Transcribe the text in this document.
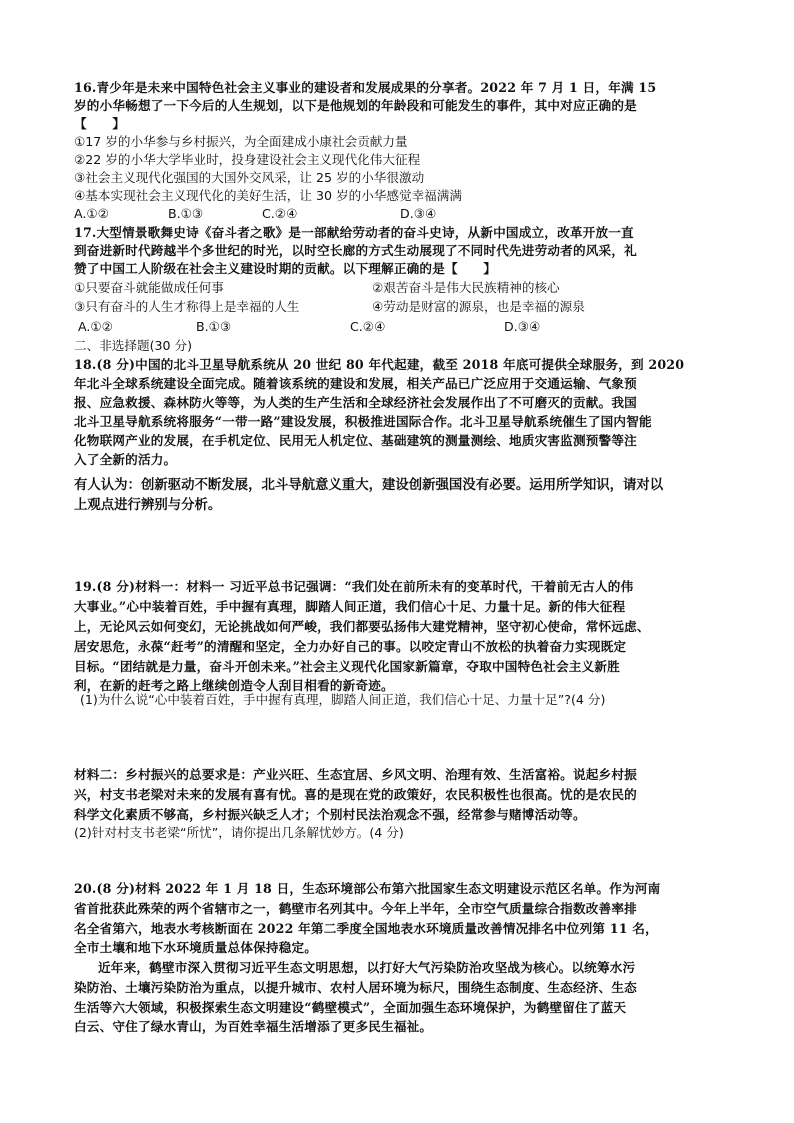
16.青少年是未来中国特色社会主义事业的建设者和发展成果的分享者。2022 年 7 月 1 日，年满 15
岁的小华畅想了一下今后的人生规划，以下是他规划的年龄段和可能发生的事件，其中对应正确的是
【　　】
①17 岁的小华参与乡村振兴，为全面建成小康社会贡献力量
②22 岁的小华大学毕业时，投身建设社会主义现代化伟大征程
③社会主义现代化强国的大国外交风采，让 25 岁的小华很激动
④基本实现社会主义现代化的美好生活，让 30 岁的小华感觉幸福满满
A.①②	B.①③	C.②④	D.③④
17.大型情景歌舞史诗《奋斗者之歌》是一部献给劳动者的奋斗史诗，从新中国成立，改革开放一直
到奋进新时代跨越半个多世纪的时光，以时空长廊的方式生动展现了不同时代先进劳动者的风采，礼
赞了中国工人阶级在社会主义建设时期的贡献。以下理解正确的是【　　】
①只要奋斗就能做成任何事	②艰苦奋斗是伟大民族精神的核心
③只有奋斗的人生才称得上是幸福的人生	④劳动是财富的源泉，也是幸福的源泉
A.①②	B.①③	C.②④	D.③④
二、非选择题(30 分)
18.(8 分)中国的北斗卫星导航系统从 20 世纪 80 年代起建，截至 2018 年底可提供全球服务，到 2020
年北斗全球系统建设全面完成。随着该系统的建设和发展，相关产品已广泛应用于交通运输、气象预
报、应急救援、森林防火等等，为人类的生产生活和全球经济社会发展作出了不可磨灭的贡献。我国
北斗卫星导航系统将服务“一带一路”建设发展，积极推进国际合作。北斗卫星导航系统催生了国内智能
化物联网产业的发展，在手机定位、民用无人机定位、基础建筑的测量测绘、地质灾害监测预警等注
入了全新的活力。
有人认为：创新驱动不断发展，北斗导航意义重大，建设创新强国没有必要。运用所学知识，请对以
上观点进行辨别与分析。
19.(8 分)材料一：材料一 习近平总书记强调：“我们处在前所未有的变革时代，干着前无古人的伟
大事业。”心中装着百姓，手中握有真理，脚踏人间正道，我们信心十足、力量十足。新的伟大征程
上，无论风云如何变幻，无论挑战如何严峻，我们都要弘扬伟大建党精神，坚守初心使命，常怀远虑、
居安思危，永葆“赶考”的清醒和坚定，全力办好自己的事。以咬定青山不放松的执着奋力实现既定
目标。“团结就是力量，奋斗开创未来。”社会主义现代化国家新篇章，夺取中国特色社会主义新胜
利，在新的赶考之路上继续创造令人刮目相看的新奇迹。
(1)为什么说“心中装着百姓，手中握有真理，脚踏人间正道，我们信心十足、力量十足”?(4 分)
材料二：乡村振兴的总要求是：产业兴旺、生态宜居、乡风文明、治理有效、生活富裕。说起乡村振
兴，村支书老梁对未来的发展有喜有忧。喜的是现在党的政策好，农民积极性也很高。忧的是农民的
科学文化素质不够高，乡村振兴缺乏人才；个别村民法治观念不强，经常参与赌博活动等。
(2)针对村支书老梁“所忧”，请你提出几条解忧妙方。(4 分)
20.(8 分)材料 2022 年 1 月 18 日，生态环境部公布第六批国家生态文明建设示范区名单。作为河南
省首批获此殊荣的两个省辖市之一，鹤壁市名列其中。今年上半年，全市空气质量综合指数改善率排
名全省第六，地表水考核断面在 2022 年第二季度全国地表水环境质量改善情况排名中位列第 11 名，
全市土壤和地下水环境质量总体保持稳定。
近年来，鹤壁市深入贯彻习近平生态文明思想，以打好大气污染防治攻坚战为核心。以统筹水污
染防治、土壤污染防治为重点，以提升城市、农村人居环境为标尺，围绕生态制度、生态经济、生态
生活等六大领域，积极探索生态文明建设“鹤壁模式”，全面加强生态环境保护，为鹤壁留住了蓝天
白云、守住了绿水青山，为百姓幸福生活增添了更多民生福祉。
